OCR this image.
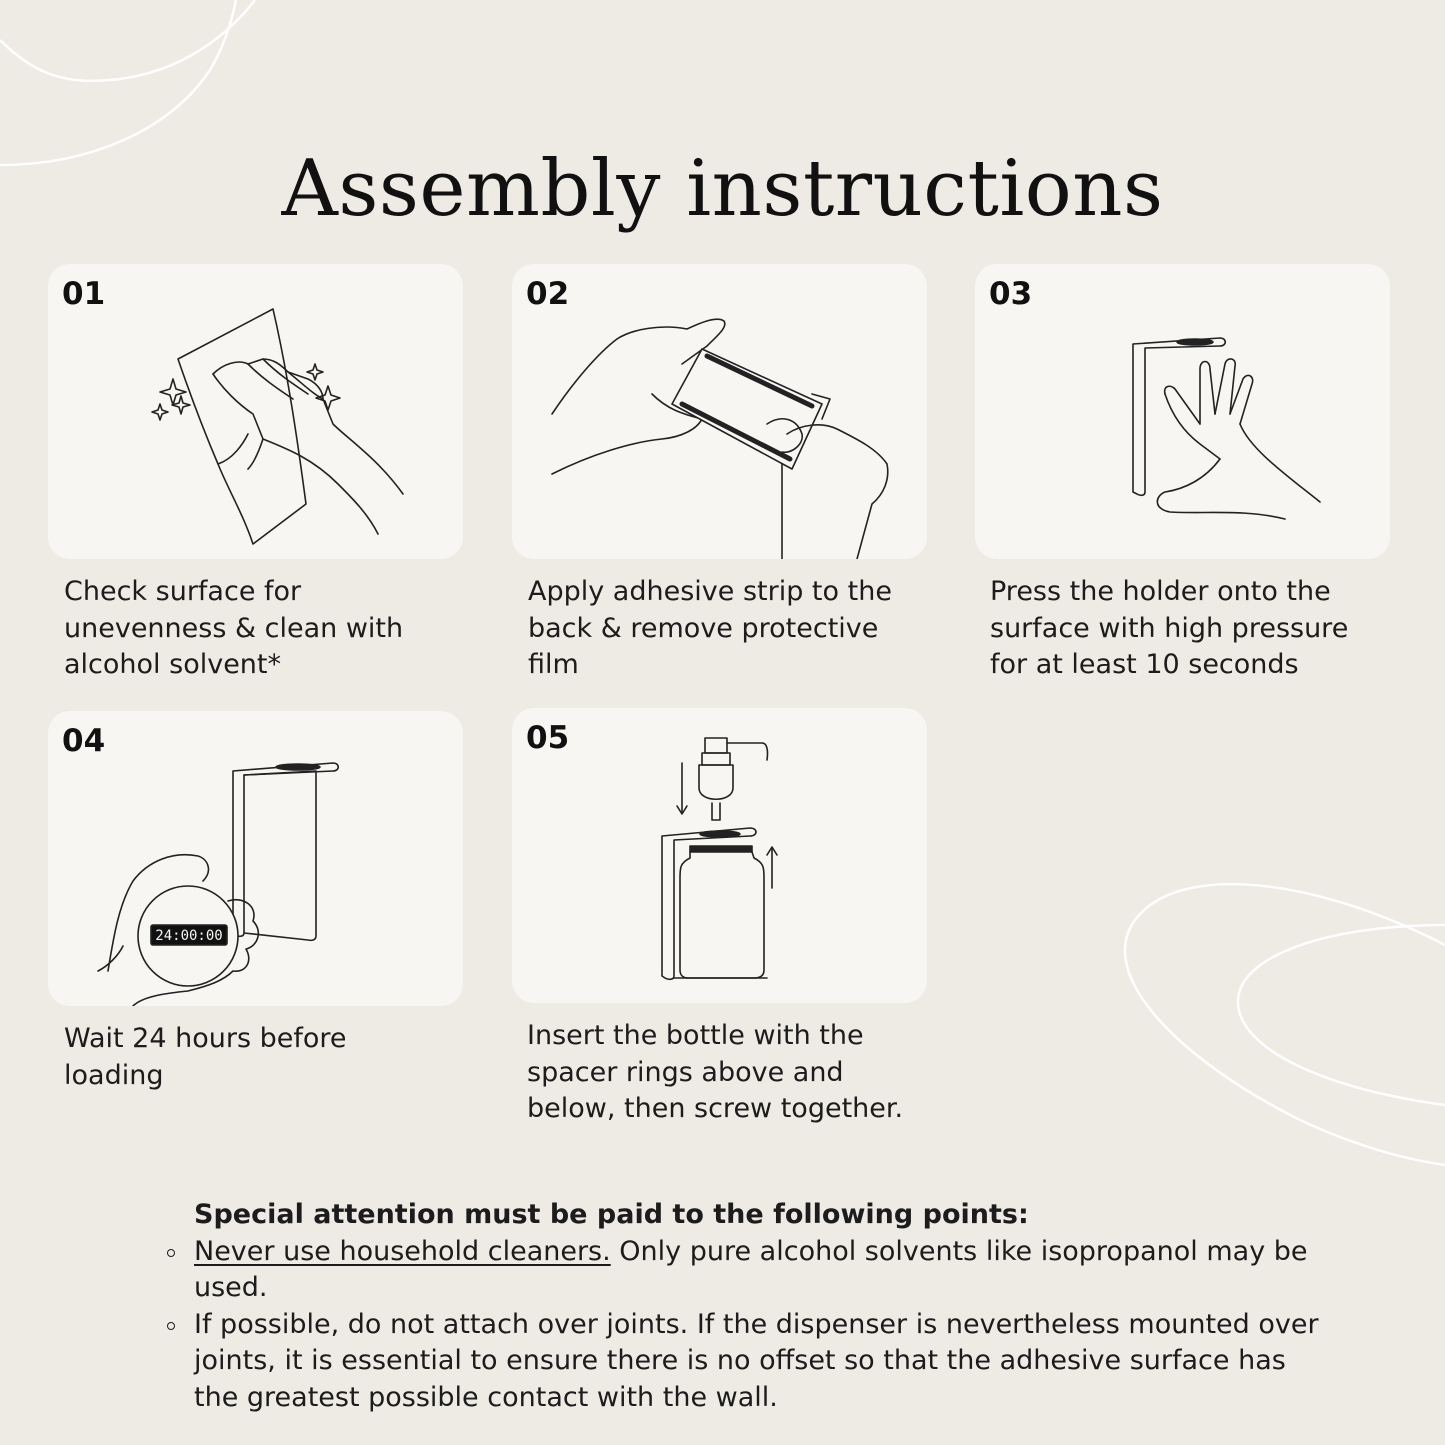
Assembly instructions
01
Check surface for unevenness & clean with alcohol solvent*
02
Apply adhesive strip to the back & remove protective film
03
Press the holder onto the surface with high pressure for at least 10 seconds
04
24:00:00
Wait 24 hours before loading
05
Insert the bottle with the spacer rings above and below, then screw together.
Special attention must be paid to the following points:
Never use household cleaners. Only pure alcohol solvents like isopropanol may be used.
If possible, do not attach over joints. If the dispenser is nevertheless mounted over joints, it is essential to ensure there is no offset so that the adhesive surface has the greatest possible contact with the wall.
